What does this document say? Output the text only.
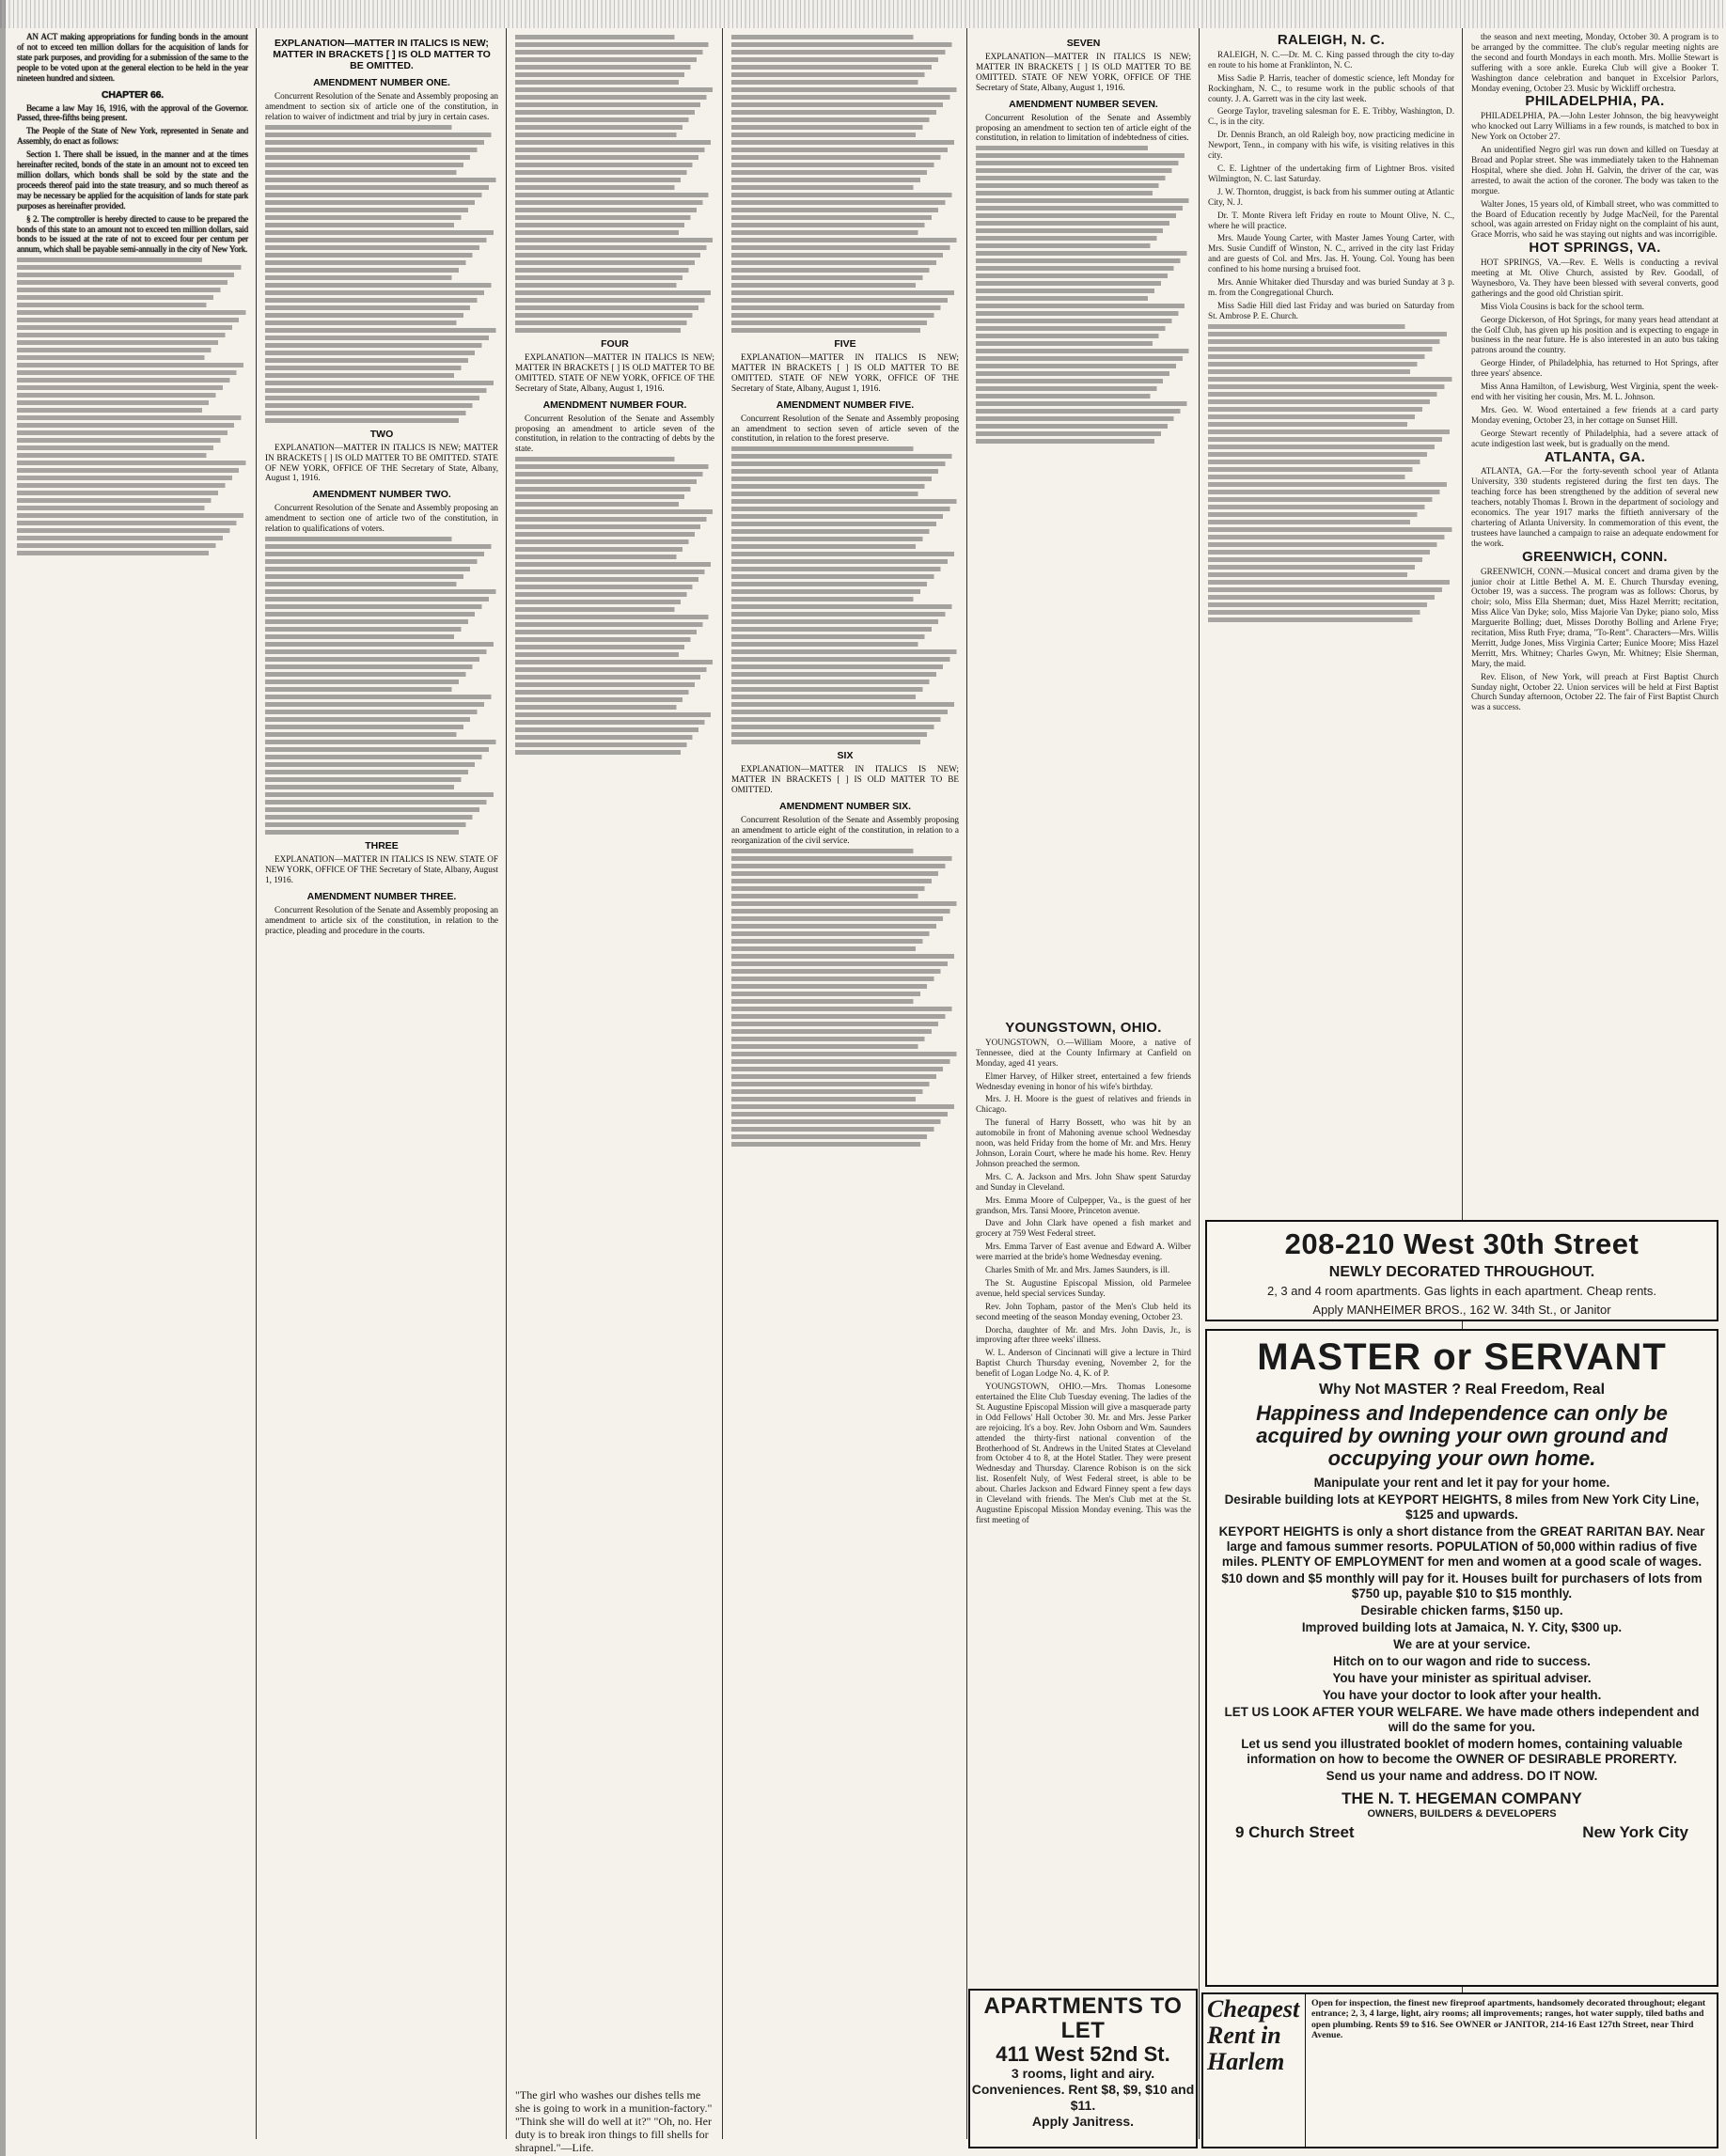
AN ACT making appropriations for funding bonds in the amount of not to exceed ten million dollars for the acquisition of lands for state park purposes, and providing for a submission of the same to the people to be voted upon at the general election to be held in the year nineteen hundred and sixteen.

CHAPTER 66.

Became a law May 16, 1916, with the approval of the Governor. Passed, three-fifths being present.

The People of the State of New York, represented in Senate and Assembly, do enact as follows:

Section 1. There shall be issued, in the manner and at the times hereinafter recited, bonds of the state in an amount not to exceed ten million dollars, which bonds shall be sold by the state and the proceeds thereof paid into the state treasury, and so much thereof as may be necessary be applied for the acquisition of lands for state park purposes as hereinafter provided.

§ 2. The comptroller is hereby directed to cause to be prepared the bonds of this state to an amount not to exceed ten million dollars, said bonds to be issued at the rate of not to exceed four per centum per annum, which shall be payable semi-annually in the city of New York.

EXPLANATION—MATTER IN ITALICS IS NEW; MATTER IN BRACKETS [ ] IS OLD MATTER TO BE OMITTED.
AMENDMENT NUMBER ONE.

Concurrent Resolution of the Senate and Assembly proposing an amendment to section six of article one of the constitution, in relation to waiver of indictment and trial by jury in certain cases.

TWO

EXPLANATION—MATTER IN ITALICS IS NEW; MATTER IN BRACKETS [ ] IS OLD MATTER TO BE OMITTED. STATE OF NEW YORK, OFFICE OF THE Secretary of State, Albany, August 1, 1916.

AMENDMENT NUMBER TWO.

Concurrent Resolution of the Senate and Assembly proposing an amendment to section one of article two of the constitution, in relation to qualifications of voters.

THREE

EXPLANATION—MATTER IN ITALICS IS NEW. STATE OF NEW YORK, OFFICE OF THE Secretary of State, Albany, August 1, 1916.

AMENDMENT NUMBER THREE.

Concurrent Resolution of the Senate and Assembly proposing an amendment to article six of the constitution, in relation to the practice, pleading and procedure in the courts.

FOUR

EXPLANATION—MATTER IN ITALICS IS NEW; MATTER IN BRACKETS [ ] IS OLD MATTER TO BE OMITTED. STATE OF NEW YORK, OFFICE OF THE Secretary of State, Albany, August 1, 1916.

AMENDMENT NUMBER FOUR.

Concurrent Resolution of the Senate and Assembly proposing an amendment to article seven of the constitution, in relation to the contracting of debts by the state.

"The girl who washes our dishes tells me she is going to work in a munition-factory." "Think she will do well at it?" "Oh, no. Her duty is to break iron things to fill shells for shrapnel."—Life.
FIVE

EXPLANATION—MATTER IN ITALICS IS NEW; MATTER IN BRACKETS [ ] IS OLD MATTER TO BE OMITTED. STATE OF NEW YORK, OFFICE OF THE Secretary of State, Albany, August 1, 1916.

AMENDMENT NUMBER FIVE.

Concurrent Resolution of the Senate and Assembly proposing an amendment to section seven of article seven of the constitution, in relation to the forest preserve.

SIX

EXPLANATION—MATTER IN ITALICS IS NEW; MATTER IN BRACKETS [ ] IS OLD MATTER TO BE OMITTED.

AMENDMENT NUMBER SIX.

Concurrent Resolution of the Senate and Assembly proposing an amendment to article eight of the constitution, in relation to a reorganization of the civil service.

SEVEN

EXPLANATION—MATTER IN ITALICS IS NEW; MATTER IN BRACKETS [ ] IS OLD MATTER TO BE OMITTED. STATE OF NEW YORK, OFFICE OF THE Secretary of State, Albany, August 1, 1916.

AMENDMENT NUMBER SEVEN.

Concurrent Resolution of the Senate and Assembly proposing an amendment to section ten of article eight of the constitution, in relation to limitation of indebtedness of cities.

YOUNGSTOWN, OHIO.

YOUNGSTOWN, O.—William Moore, a native of Tennessee, died at the County Infirmary at Canfield on Monday, aged 41 years.

Elmer Harvey, of Hilker street, entertained a few friends Wednesday evening in honor of his wife's birthday.

Mrs. J. H. Moore is the guest of relatives and friends in Chicago.

The funeral of Harry Bossett, who was hit by an automobile in front of Mahoning avenue school Wednesday noon, was held Friday from the home of Mr. and Mrs. Henry Johnson, Lorain Court, where he made his home. Rev. Henry Johnson preached the sermon.

Mrs. C. A. Jackson and Mrs. John Shaw spent Saturday and Sunday in Cleveland.

Mrs. Emma Moore of Culpepper, Va., is the guest of her grandson, Mrs. Tansi Moore, Princeton avenue.

Dave and John Clark have opened a fish market and grocery at 759 West Federal street.

Mrs. Emma Tarver of East avenue and Edward A. Wilber were married at the bride's home Wednesday evening.

Charles Smith of Mr. and Mrs. James Saunders, is ill.

The St. Augustine Episcopal Mission, old Parmelee avenue, held special services Sunday.

Rev. John Topham, pastor of the Men's Club held its second meeting of the season Monday evening, October 23.

Dorcha, daughter of Mr. and Mrs. John Davis, Jr., is improving after three weeks' illness.

W. L. Anderson of Cincinnati will give a lecture in Third Baptist Church Thursday evening, November 2, for the benefit of Logan Lodge No. 4, K. of P.

YOUNGSTOWN, OHIO.—Mrs. Thomas Lonesome entertained the Elite Club Tuesday evening. The ladies of the St. Augustine Episcopal Mission will give a masquerade party in Odd Fellows' Hall October 30. Mr. and Mrs. Jesse Parker are rejoicing. It's a boy. Rev. John Osborn and Wm. Saunders attended the thirty-first national convention of the Brotherhood of St. Andrews in the United States at Cleveland from October 4 to 8, at the Hotel Statler. They were present Wednesday and Thursday. Clarence Robison is on the sick list. Rosenfelt Nuly, of West Federal street, is able to be about. Charles Jackson and Edward Finney spent a few days in Cleveland with friends. The Men's Club met at the St. Augustine Episcopal Mission Monday evening. This was the first meeting of

RALEIGH, N. C.

RALEIGH, N. C.—Dr. M. C. King passed through the city to-day en route to his home at Franklinton, N. C.

Miss Sadie P. Harris, teacher of domestic science, left Monday for Rockingham, N. C., to resume work in the public schools of that county. J. A. Garrett was in the city last week.

George Taylor, traveling salesman for E. E. Tribby, Washington, D. C., is in the city.

Dr. Dennis Branch, an old Raleigh boy, now practicing medicine in Newport, Tenn., in company with his wife, is visiting relatives in this city.

C. E. Lightner of the undertaking firm of Lightner Bros. visited Wilmington, N. C. last Saturday.

J. W. Thornton, druggist, is back from his summer outing at Atlantic City, N. J.

Dr. T. Monte Rivera left Friday en route to Mount Olive, N. C., where he will practice.

Mrs. Maude Young Carter, with Master James Young Carter, with Mrs. Susie Cundiff of Winston, N. C., arrived in the city last Friday and are guests of Col. and Mrs. Jas. H. Young. Col. Young has been confined to his home nursing a bruised foot.

Mrs. Annie Whitaker died Thursday and was buried Sunday at 3 p. m. from the Congregational Church.

Miss Sadie Hill died last Friday and was buried on Saturday from St. Ambrose P. E. Church.

the season and next meeting, Monday, October 30. A program is to be arranged by the committee. The club's regular meeting nights are the second and fourth Mondays in each month. Mrs. Mollie Stewart is suffering with a sore ankle. Eureka Club will give a Booker T. Washington dance celebration and banquet in Excelsior Parlors, Monday evening, October 23. Music by Wickliff orchestra.

PHILADELPHIA, PA.

PHILADELPHIA, PA.—John Lester Johnson, the big heavyweight who knocked out Larry Williams in a few rounds, is matched to box in New York on October 27.

An unidentified Negro girl was run down and killed on Tuesday at Broad and Poplar street. She was immediately taken to the Hahneman Hospital, where she died. John H. Galvin, the driver of the car, was arrested, to await the action of the coroner. The body was taken to the morgue.

Walter Jones, 15 years old, of Kimball street, who was committed to the Board of Education recently by Judge MacNeil, for the Parental school, was again arrested on Friday night on the complaint of his aunt, Grace Morris, who said he was staying out nights and was incorrigible.

HOT SPRINGS, VA.

HOT SPRINGS, VA.—Rev. E. Wells is conducting a revival meeting at Mt. Olive Church, assisted by Rev. Goodall, of Waynesboro, Va. They have been blessed with several converts, good gatherings and the good old Christian spirit.

Miss Viola Cousins is back for the school term.

George Dickerson, of Hot Springs, for many years head attendant at the Golf Club, has given up his position and is expecting to engage in business in the near future. He is also interested in an auto bus taking patrons around the country.

George Hinder, of Philadelphia, has returned to Hot Springs, after three years' absence.

Miss Anna Hamilton, of Lewisburg, West Virginia, spent the week-end with her visiting her cousin, Mrs. M. L. Johnson.

Mrs. Geo. W. Wood entertained a few friends at a card party Monday evening, October 23, in her cottage on Sunset Hill.

George Stewart recently of Philadelphia, had a severe attack of acute indigestion last week, but is gradually on the mend.

ATLANTA, GA.

ATLANTA, GA.—For the forty-seventh school year of Atlanta University, 330 students registered during the first ten days. The teaching force has been strengthened by the addition of several new teachers, notably Thomas I. Brown in the department of sociology and economics. The year 1917 marks the fiftieth anniversary of the chartering of Atlanta University. In commemoration of this event, the trustees have launched a campaign to raise an adequate endowment for the work.

GREENWICH, CONN.

GREENWICH, CONN.—Musical concert and drama given by the junior choir at Little Bethel A. M. E. Church Thursday evening, October 19, was a success. The program was as follows: Chorus, by choir; solo, Miss Ella Sherman; duet, Miss Hazel Merritt; recitation, Miss Alice Van Dyke; solo, Miss Majorie Van Dyke; piano solo, Miss Marguerite Bolling; duet, Misses Dorothy Bolling and Arlene Frye; recitation, Miss Ruth Frye; drama, "To-Rent". Characters—Mrs. Willis Merritt, Judge Jones, Miss Virginia Carter; Eunice Moore; Miss Hazel Merritt, Mrs. Whitney; Charles Gwyn, Mr. Whitney; Elsie Sherman, Mary, the maid.

Rev. Elison, of New York, will preach at First Baptist Church Sunday night, October 22. Union services will be held at First Baptist Church Sunday afternoon, October 22. The fair of First Baptist Church was a success.

208-210 West 30th Street
NEWLY DECORATED THROUGHOUT.
2, 3 and 4 room apartments. Gas lights in each apartment. Cheap rents.
Apply MANHEIMER BROS., 162 W. 34th St., or Janitor
MASTER or SERVANT
Why Not MASTER ? Real Freedom, Real
Happiness and Independence can only be acquired by owning your own ground and occupying your own home.

Manipulate your rent and let it pay for your home.

Desirable building lots at KEYPORT HEIGHTS, 8 miles from New York City Line, $125 and upwards.

KEYPORT HEIGHTS is only a short distance from the GREAT RARITAN BAY. Near large and famous summer resorts. POPULATION of 50,000 within radius of five miles. PLENTY OF EMPLOYMENT for men and women at a good scale of wages.

$10 down and $5 monthly will pay for it. Houses built for purchasers of lots from $750 up, payable $10 to $15 monthly.

Desirable chicken farms, $150 up.

Improved building lots at Jamaica, N. Y. City, $300 up.

We are at your service.

Hitch on to our wagon and ride to success.

You have your minister as spiritual adviser.

You have your doctor to look after your health.

LET US LOOK AFTER YOUR WELFARE. We have made others independent and will do the same for you.

Let us send you illustrated booklet of modern homes, containing valuable information on how to become the OWNER OF DESIRABLE PRORERTY.

Send us your name and address. DO IT NOW.

THE N. T. HEGEMAN COMPANY
OWNERS, BUILDERS & DEVELOPERS
9 Church Street	New York City
APARTMENTS TO LET
411 West 52nd St.
3 rooms, light and airy. Conveniences. Rent $8, $9, $10 and $11.
Apply Janitress.
Cheapest Rent in Harlem
Open for inspection, the finest new fireproof apartments, handsomely decorated throughout; elegant entrance; 2, 3, 4 large, light, airy rooms; all improvements; ranges, hot water supply, tiled baths and open plumbing. Rents $9 to $16. See OWNER or JANITOR, 214-16 East 127th Street, near Third Avenue.
